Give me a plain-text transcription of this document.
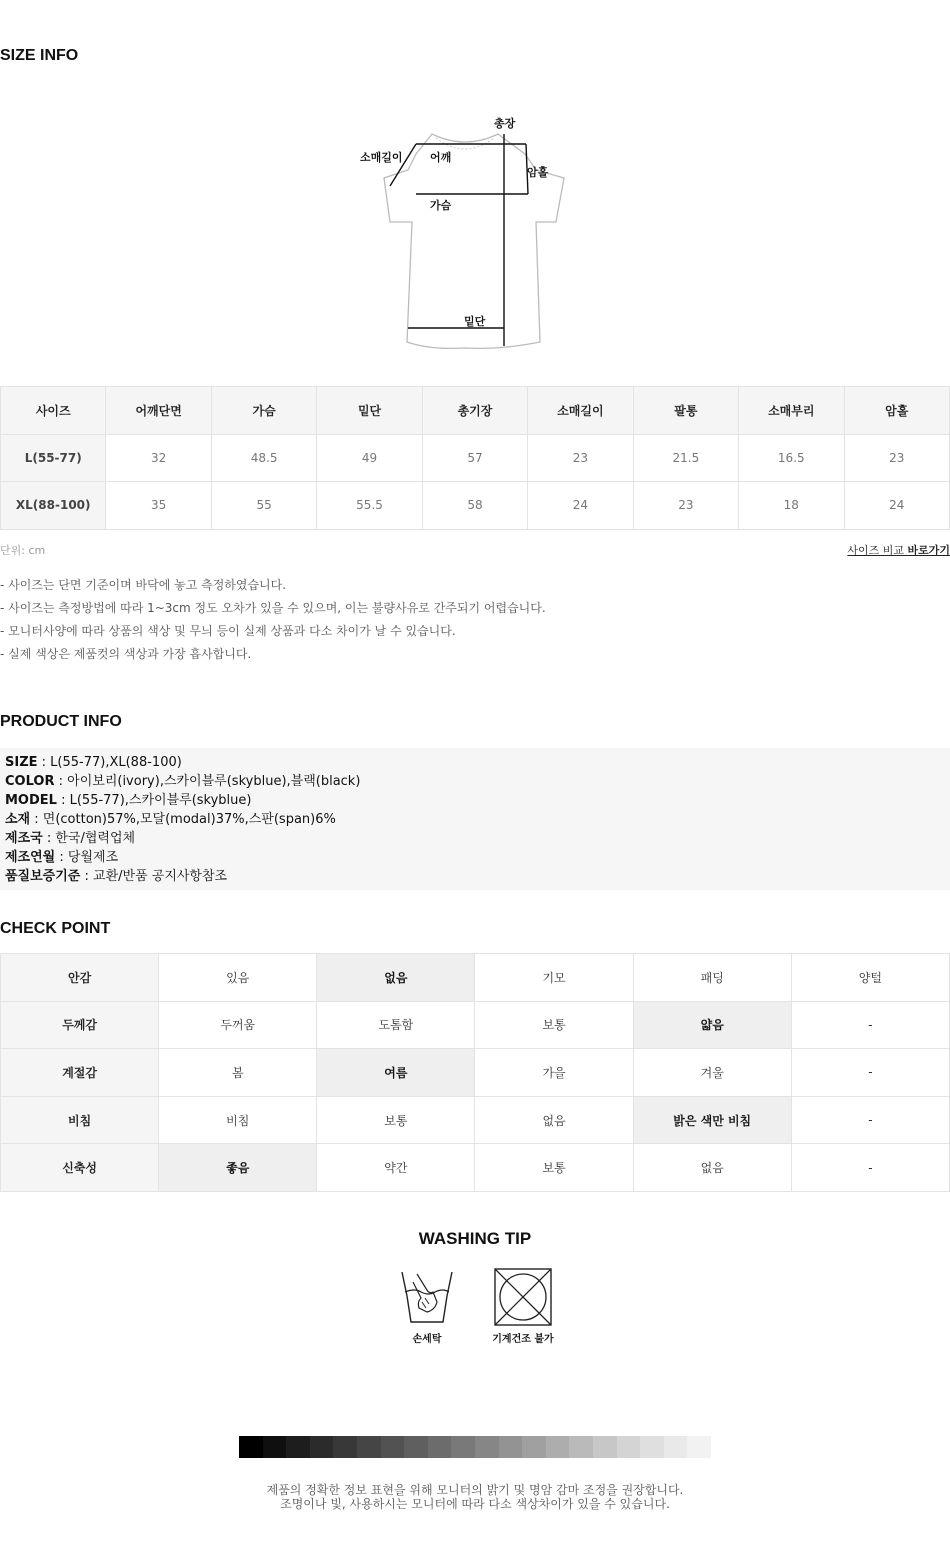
SIZE INFO
총장
소매길이 어깨
암홀
가슴
밑단
사이즈	어깨단면	가슴	밑단	총기장	소매길이	팔통	소매부리	암홀
L(55-77)	32	48.5	49	57	23	21.5	16.5	23
XL(88-100)	35	55	55.5	58	24	23	18	24
단위: cm	사이즈 비교 바로가기
- 사이즈는 단면 기준이며 바닥에 놓고 측정하였습니다.
- 사이즈는 측정방법에 따라 1~3cm 정도 오차가 있을 수 있으며, 이는 불량사유로 간주되기 어렵습니다.
- 모니터사양에 따라 상품의 색상 및 무늬 등이 실제 상품과 다소 차이가 날 수 있습니다.
- 실제 색상은 제품컷의 색상과 가장 흡사합니다.
PRODUCT INFO
SIZE : L(55-77),XL(88-100)
COLOR : 아이보리(ivory),스카이블루(skyblue),블랙(black)
MODEL : L(55-77),스카이블루(skyblue)
소재 : 면(cotton)57%,모달(modal)37%,스판(span)6%
제조국 : 한국/협력업체
제조연월 : 당월제조
품질보증기준 : 교환/반품 공지사항참조
CHECK POINT
안감	있음	없음	기모	패딩	양털
두께감	두꺼움	도톰함	보통	얇음	-
계절감	봄	여름	가을	겨울	-
비침	비침	보통	없음	밝은 색만 비침	-
신축성	좋음	약간	보통	없음	-
WASHING TIP
손세탁	기계건조 불가
제품의 정확한 정보 표현을 위해 모니터의 밝기 및 명암 감마 조정을 권장합니다.
조명이나 빛, 사용하시는 모니터에 따라 다소 색상차이가 있을 수 있습니다.
